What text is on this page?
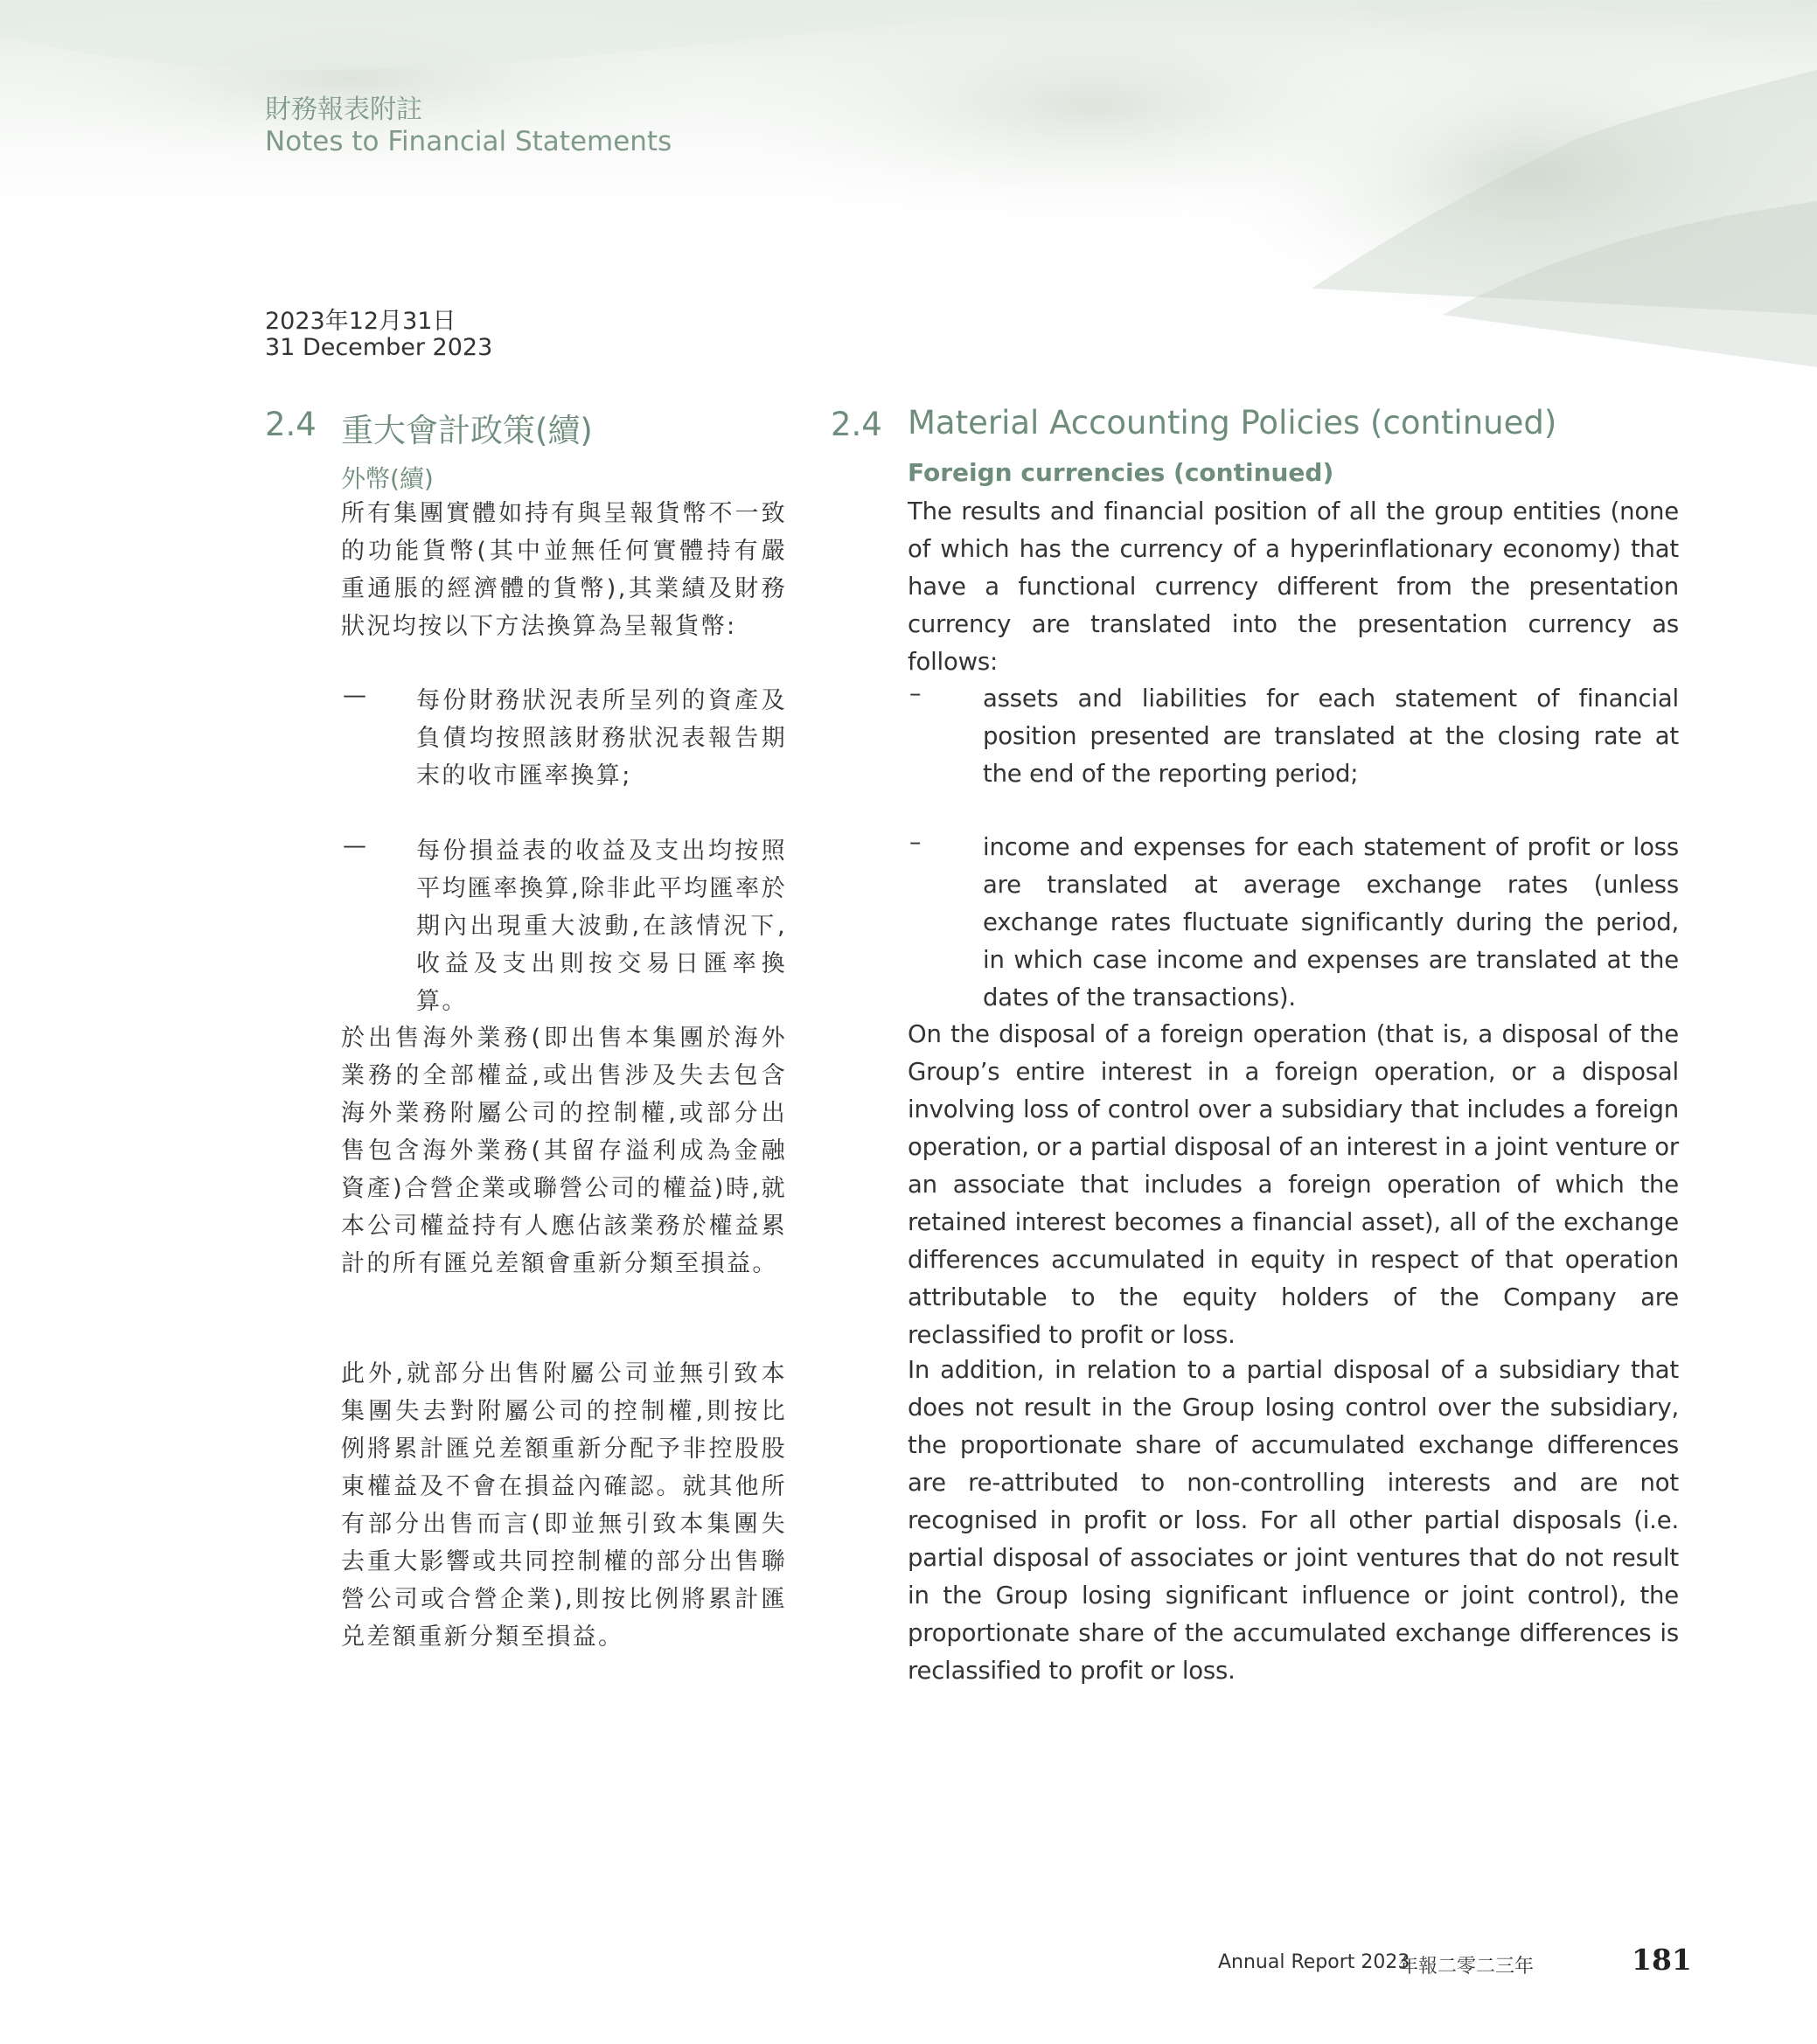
財務報表附註
Notes to Financial Statements
2023年12月31日
31 December 2023
2.4 重大會計政策(續)
外幣(續)

所有集團實體如持有與呈報貨幣不一致的功能貨幣(其中並無任何實體持有嚴重通脹的經濟體的貨幣),其業績及財務狀況均按以下方法換算為呈報貨幣:

— 每份財務狀況表所呈列的資產及負債均按照該財務狀況表報告期末的收市匯率換算;

— 每份損益表的收益及支出均按照平均匯率換算,除非此平均匯率於期內出現重大波動,在該情況下,收益及支出則按交易日匯率換算。

於出售海外業務(即出售本集團於海外業務的全部權益,或出售涉及失去包含海外業務附屬公司的控制權,或部分出售包含海外業務(其留存溢利成為金融資產)合營企業或聯營公司的權益)時,就本公司權益持有人應佔該業務於權益累計的所有匯兑差額會重新分類至損益。

此外,就部分出售附屬公司並無引致本集團失去對附屬公司的控制權,則按比例將累計匯兑差額重新分配予非控股股東權益及不會在損益內確認。就其他所有部分出售而言(即並無引致本集團失去重大影響或共同控制權的部分出售聯營公司或合營企業),則按比例將累計匯兑差額重新分類至損益。

2.4 Material Accounting Policies (continued)
Foreign currencies (continued)

The results and financial position of all the group entities (none of which has the currency of a hyperinflationary economy) that have a functional currency different from the presentation currency are translated into the presentation currency as follows:

–	assets and liabilities for each statement of financial position presented are translated at the closing rate at the end of the reporting period;

–	income and expenses for each statement of profit or loss are translated at average exchange rates (unless exchange rates fluctuate significantly during the period, in which case income and expenses are translated at the dates of the transactions).

On the disposal of a foreign operation (that is, a disposal of the Group’s entire interest in a foreign operation, or a disposal involving loss of control over a subsidiary that includes a foreign operation, or a partial disposal of an interest in a joint venture or an associate that includes a foreign operation of which the retained interest becomes a financial asset), all of the exchange differences accumulated in equity in respect of that operation attributable to the equity holders of the Company are reclassified to profit or loss.

In addition, in relation to a partial disposal of a subsidiary that does not result in the Group losing control over the subsidiary, the proportionate share of accumulated exchange differences are re-attributed to non-controlling interests and are not recognised in profit or loss. For all other partial disposals (i.e. partial disposal of associates or joint ventures that do not result in the Group losing significant influence or joint control), the proportionate share of the accumulated exchange differences is reclassified to profit or loss.

Annual Report 2023
年報二零二三年	181
